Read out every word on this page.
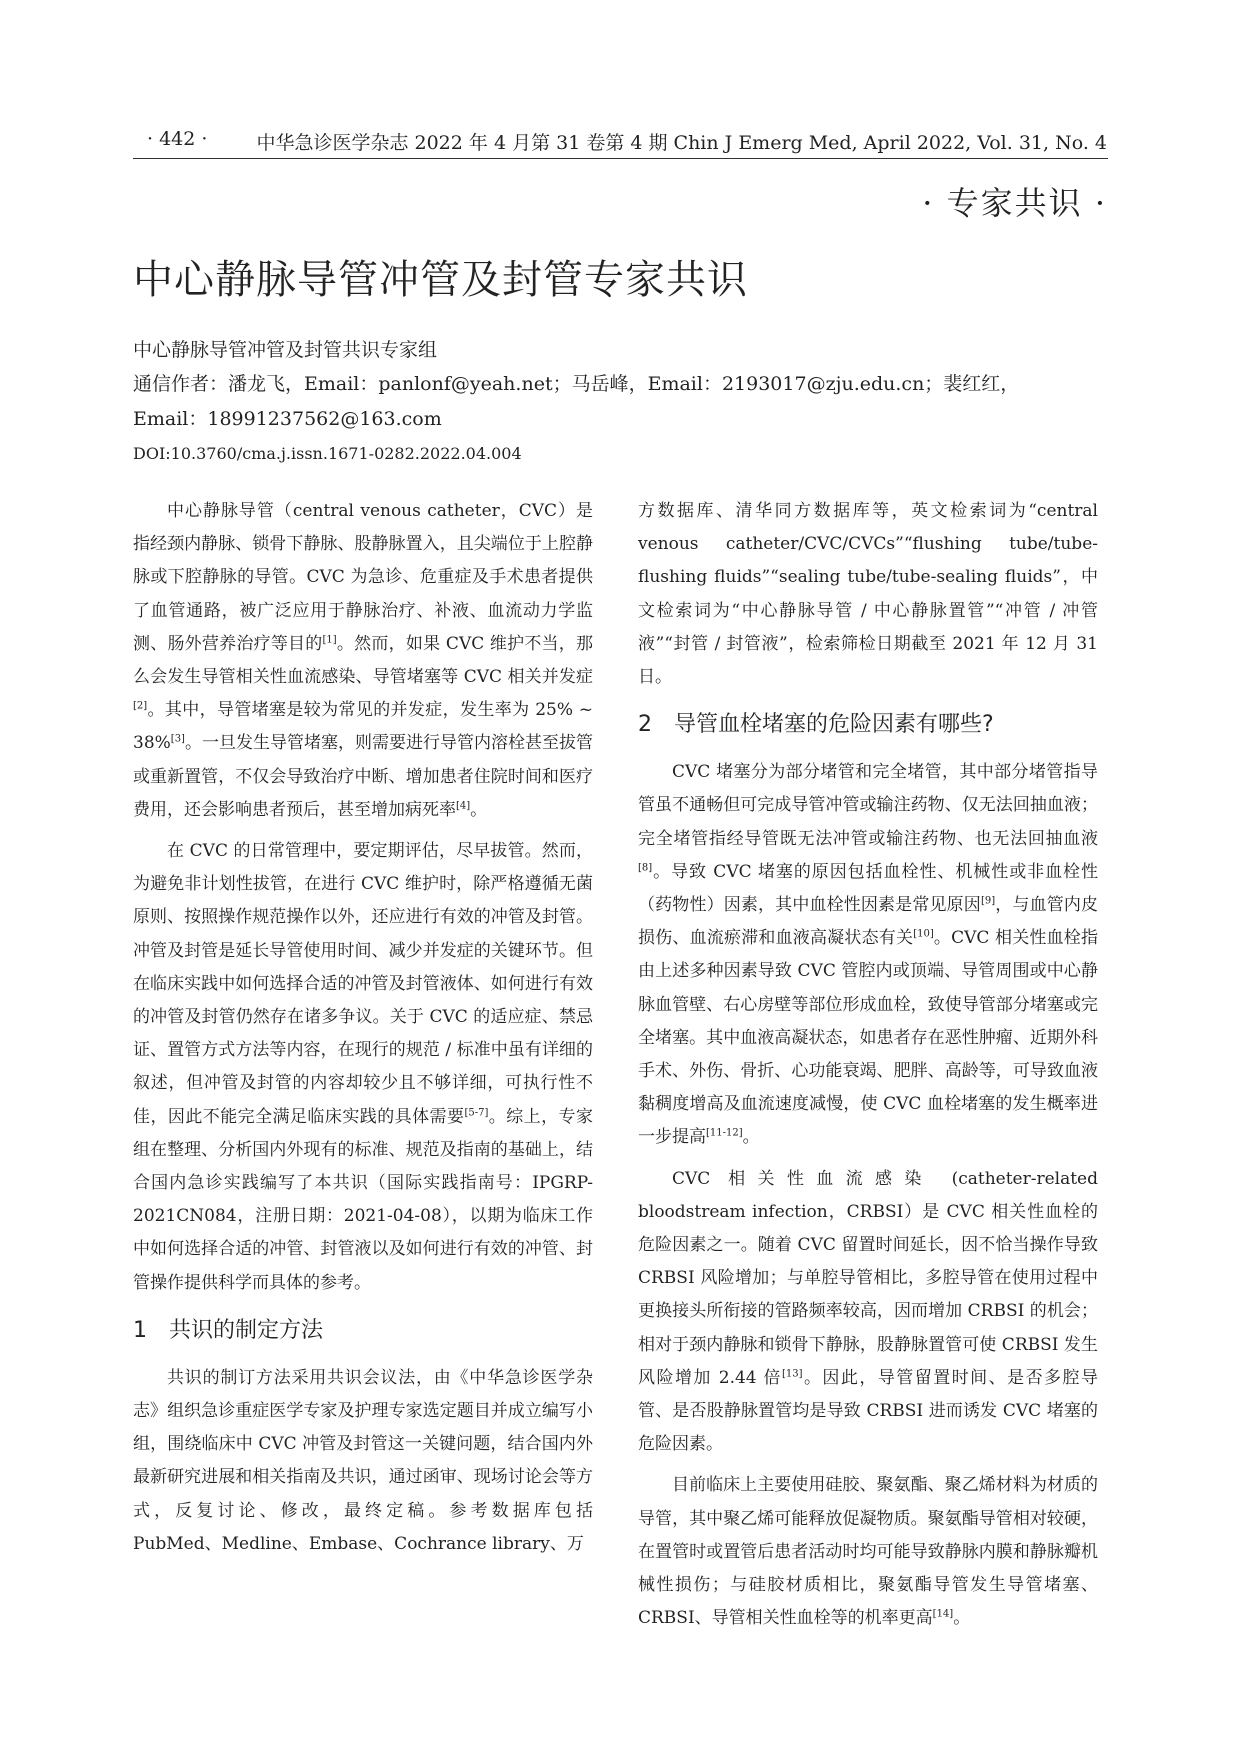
· 442 ·	中华急诊医学杂志 2022 年 4 月第 31 卷第 4 期 Chin J Emerg Med, April 2022, Vol. 31, No. 4
· 专家共识 ·
中心静脉导管冲管及封管专家共识
中心静脉导管冲管及封管共识专家组
通信作者：潘龙飞，Email：panlonf@yeah.net；马岳峰，Email：2193017@zju.edu.cn；裴红红，
Email：18991237562@163.com
DOI:10.3760/cma.j.issn.1671-0282.2022.04.004

中心静脉导管（central venous catheter，CVC）是指经颈内静脉、锁骨下静脉、股静脉置入，且尖端位于上腔静脉或下腔静脉的导管。CVC 为急诊、危重症及手术患者提供了血管通路，被广泛应用于静脉治疗、补液、血流动力学监测、肠外营养治疗等目的[1]。然而，如果 CVC 维护不当，那么会发生导管相关性血流感染、导管堵塞等 CVC 相关并发症[2]。其中，导管堵塞是较为常见的并发症，发生率为 25% ~ 38%[3]。一旦发生导管堵塞，则需要进行导管内溶栓甚至拔管或重新置管，不仅会导致治疗中断、增加患者住院时间和医疗费用，还会影响患者预后，甚至增加病死率[4]。

在 CVC 的日常管理中，要定期评估，尽早拔管。然而，为避免非计划性拔管，在进行 CVC 维护时，除严格遵循无菌原则、按照操作规范操作以外，还应进行有效的冲管及封管。冲管及封管是延长导管使用时间、减少并发症的关键环节。但在临床实践中如何选择合适的冲管及封管液体、如何进行有效的冲管及封管仍然存在诸多争议。关于 CVC 的适应症、禁忌证、置管方式方法等内容，在现行的规范 / 标准中虽有详细的叙述，但冲管及封管的内容却较少且不够详细，可执行性不佳，因此不能完全满足临床实践的具体需要[5-7]。综上，专家组在整理、分析国内外现有的标准、规范及指南的基础上，结合国内急诊实践编写了本共识（国际实践指南号：IPGRP-2021CN084，注册日期：2021-04-08），以期为临床工作中如何选择合适的冲管、封管液以及如何进行有效的冲管、封管操作提供科学而具体的参考。

1 共识的制定方法

共识的制订方法采用共识会议法，由《中华急诊医学杂志》组织急诊重症医学专家及护理专家选定题目并成立编写小组，围绕临床中 CVC 冲管及封管这一关键问题，结合国内外最新研究进展和相关指南及共识，通过函审、现场讨论会等方式，反复讨论、修改，最终定稿。参考数据库包括 PubMed、Medline、Embase、Cochrance library、万

方数据库、清华同方数据库等，英文检索词为“central venous catheter/CVC/CVCs”“flushing tube/tube-flushing fluids”“sealing tube/tube-sealing fluids”，中文检索词为“中心静脉导管 / 中心静脉置管”“冲管 / 冲管液”“封管 / 封管液”，检索筛检日期截至 2021 年 12 月 31 日。

2 导管血栓堵塞的危险因素有哪些?

CVC 堵塞分为部分堵管和完全堵管，其中部分堵管指导管虽不通畅但可完成导管冲管或输注药物、仅无法回抽血液；完全堵管指经导管既无法冲管或输注药物、也无法回抽血液[8]。导致 CVC 堵塞的原因包括血栓性、机械性或非血栓性（药物性）因素，其中血栓性因素是常见原因[9]，与血管内皮损伤、血流瘀滞和血液高凝状态有关[10]。CVC 相关性血栓指由上述多种因素导致 CVC 管腔内或顶端、导管周围或中心静脉血管壁、右心房壁等部位形成血栓，致使导管部分堵塞或完全堵塞。其中血液高凝状态，如患者存在恶性肿瘤、近期外科手术、外伤、骨折、心功能衰竭、肥胖、高龄等，可导致血液黏稠度增高及血流速度减慢，使 CVC 血栓堵塞的发生概率进一步提高[11-12]。

CVC 相关性血流感染 (catheter-related bloodstream infection，CRBSI）是 CVC 相关性血栓的危险因素之一。随着 CVC 留置时间延长，因不恰当操作导致 CRBSI 风险增加；与单腔导管相比，多腔导管在使用过程中更换接头所衔接的管路频率较高，因而增加 CRBSI 的机会；相对于颈内静脉和锁骨下静脉，股静脉置管可使 CRBSI 发生风险增加 2.44 倍[13]。因此，导管留置时间、是否多腔导管、是否股静脉置管均是导致 CRBSI 进而诱发 CVC 堵塞的危险因素。

目前临床上主要使用硅胶、聚氨酯、聚乙烯材料为材质的导管，其中聚乙烯可能释放促凝物质。聚氨酯导管相对较硬，在置管时或置管后患者活动时均可能导致静脉内膜和静脉瓣机械性损伤；与硅胶材质相比，聚氨酯导管发生导管堵塞、CRBSI、导管相关性血栓等的机率更高[14]。
